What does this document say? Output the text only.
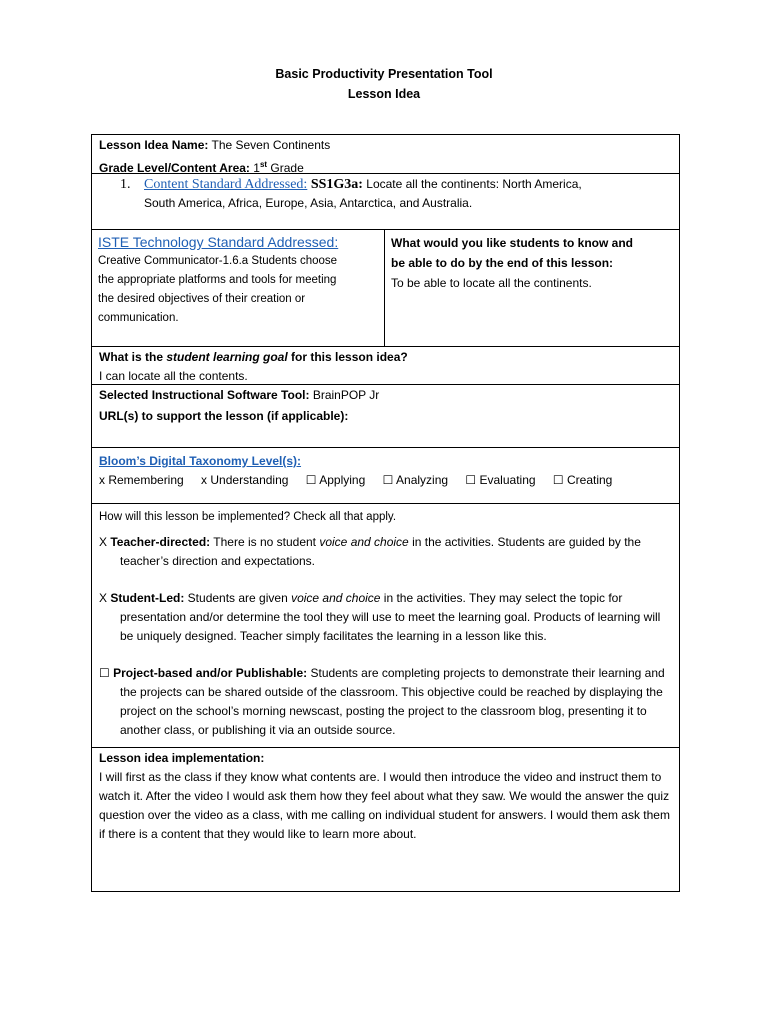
Basic Productivity Presentation Tool
Lesson Idea
Lesson Idea Name: The Seven Continents
Grade Level/Content Area: 1st Grade
1. Content Standard Addressed: SS1G3a: Locate all the continents: North America,
South America, Africa, Europe, Asia, Antarctica, and Australia.
ISTE Technology Standard Addressed:
Creative Communicator-1.6.a Students choose
the appropriate platforms and tools for meeting
the desired objectives of their creation or
communication.
What would you like students to know and
be able to do by the end of this lesson:
To be able to locate all the continents.
What is the student learning goal for this lesson idea?
I can locate all the contents.
Selected Instructional Software Tool: BrainPOP Jr
URL(s) to support the lesson (if applicable):
Bloom’s Digital Taxonomy Level(s):
x Remembering x Understanding ☐ Applying ☐ Analyzing ☐ Evaluating ☐ Creating
How will this lesson be implemented? Check all that apply.
X Teacher-directed: There is no student voice and choice in the activities. Students are guided by the teacher’s direction and expectations.
X Student-Led: Students are given voice and choice in the activities. They may select the topic for presentation and/or determine the tool they will use to meet the learning goal. Products of learning will be uniquely designed. Teacher simply facilitates the learning in a lesson like this.
☐ Project-based and/or Publishable: Students are completing projects to demonstrate their learning and the projects can be shared outside of the classroom. This objective could be reached by displaying the project on the school’s morning newscast, posting the project to the classroom blog, presenting it to another class, or publishing it via an outside source.
Lesson idea implementation:
I will first as the class if they know what contents are. I would then introduce the video and instruct them to watch it. After the video I would ask them how they feel about what they saw. We would the answer the quiz question over the video as a class, with me calling on individual student for answers. I would them ask them if there is a content that they would like to learn more about.
